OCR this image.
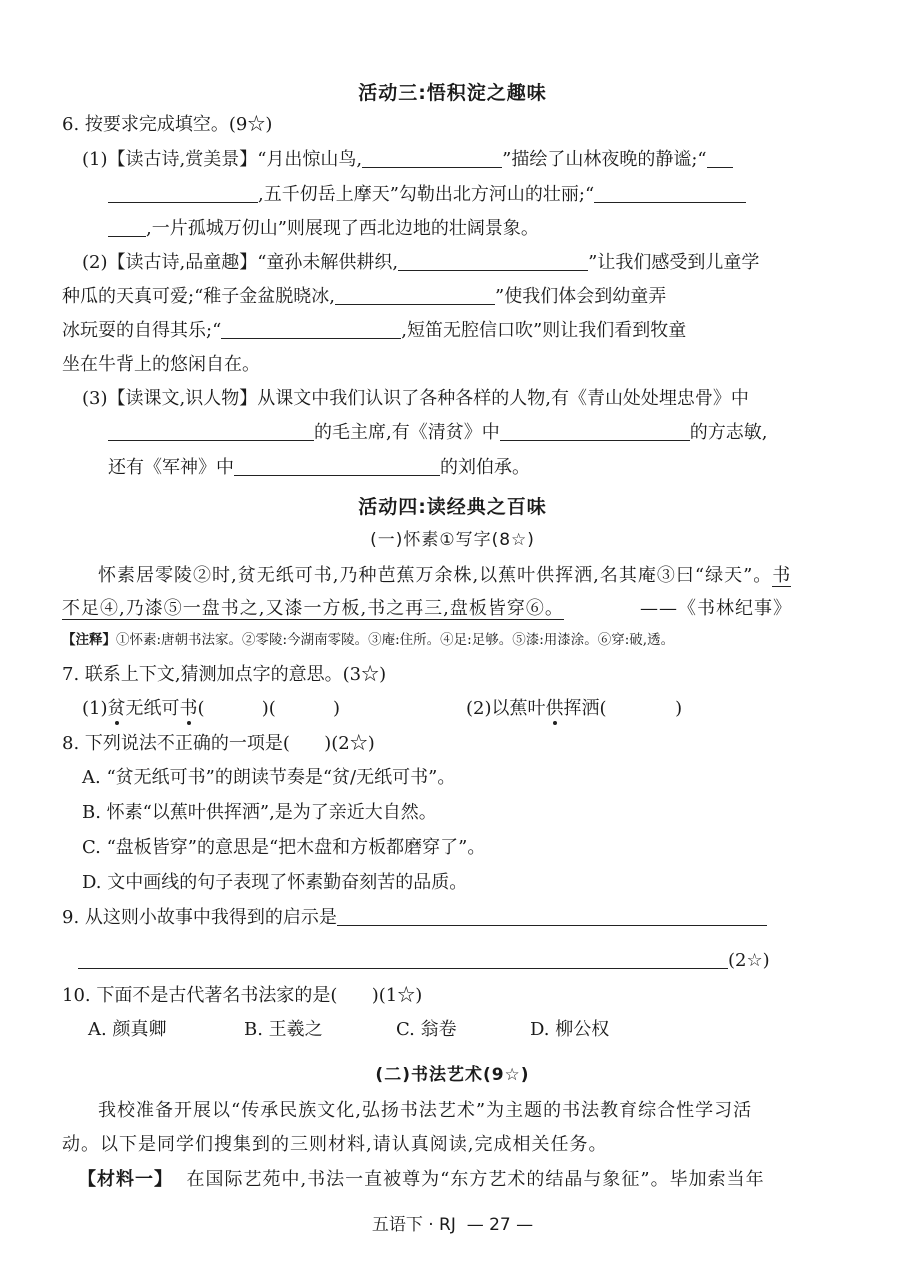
活动三:悟积淀之趣味
6. 按要求完成填空。(9☆)
(1)【读古诗,赏美景】“月出惊山鸟,	”描绘了山林夜晚的静谧;“
,五千仞岳上摩天”勾勒出北方河山的壮丽;“
,一片孤城万仞山”则展现了西北边地的壮阔景象。
(2)【读古诗,品童趣】“童孙未解供耕织,	”让我们感受到儿童学
种瓜的天真可爱;“稚子金盆脱晓冰,	”使我们体会到幼童弄
冰玩耍的自得其乐;“	,短笛无腔信口吹”则让我们看到牧童
坐在牛背上的悠闲自在。
(3)【读课文,识人物】从课文中我们认识了各种各样的人物,有《青山处处埋忠骨》中
的毛主席,有《清贫》中	的方志敏,
还有《军神》中	的刘伯承。
活动四:读经典之百味
(一)怀素①写字(8☆)
怀素居零陵②时,贫无纸可书,乃种芭蕉万余株,以蕉叶供挥洒,名其庵③曰“绿天”。书
不足④,乃漆⑤一盘书之,又漆一方板,书之再三,盘板皆穿⑥。	——《书林纪事》
【注释】①怀素:唐朝书法家。②零陵:今湖南零陵。③庵:住所。④足:足够。⑤漆:用漆涂。⑥穿:破,透。
7. 联系上下文,猜测加点字的意思。(3☆)
(1)贫无纸可书(          )(          )	(2)以蕉叶供挥洒(            )
8. 下列说法不正确的一项是(      )(2☆)
A. “贫无纸可书”的朗读节奏是“贫/无纸可书”。
B. 怀素“以蕉叶供挥洒”,是为了亲近大自然。
C. “盘板皆穿”的意思是“把木盘和方板都磨穿了”。
D. 文中画线的句子表现了怀素勤奋刻苦的品质。
9. 从这则小故事中我得到的启示是
(2☆)
10. 下面不是古代著名书法家的是(      )(1☆)
A. 颜真卿	B. 王羲之	C. 翁卷	D. 柳公权
(二)书法艺术(9☆)
我校准备开展以“传承民族文化,弘扬书法艺术”为主题的书法教育综合性学习活
动。以下是同学们搜集到的三则材料,请认真阅读,完成相关任务。
【材料一】 在国际艺苑中,书法一直被尊为“东方艺术的结晶与象征”。毕加索当年
五语下 · RJ  — 27 —
